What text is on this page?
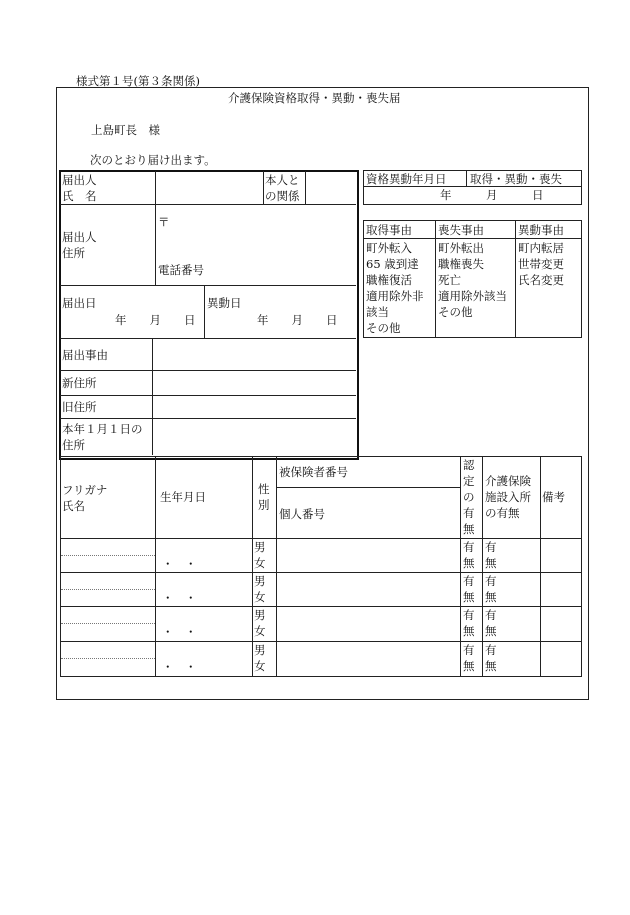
様式第１号(第３条関係)
介護保険資格取得・異動・喪失届
上島町長　様
次のとおり届け出ます。
届出人
氏　名
本人と
の関係
届出人
住所
〒
電話番号
届出日
年　　月　　日
異動日
年　　月　　日
届出事由
新住所
旧住所
本年１月１日の
住所
資格異動年月日 取得・異動・喪失
年　　　月　　　日
取得事由 喪失事由	異動事由
町外転入
65 歳到達
職権復活
適用除外非
該当
その他
町外転出
職権喪失
死亡
適用除外該当
その他
町内転居
世帯変更
氏名変更
フリガナ
氏名
生年月日
性
別
被保険者番号
個人番号
認
定
の
有
無
介護保険
施設入所
の有無
備考
・　・
男
女
有
無
有
無
・　・
男
女
有
無
有
無
・　・
男
女
有
無
有
無
・　・
男
女
有
無
有
無
